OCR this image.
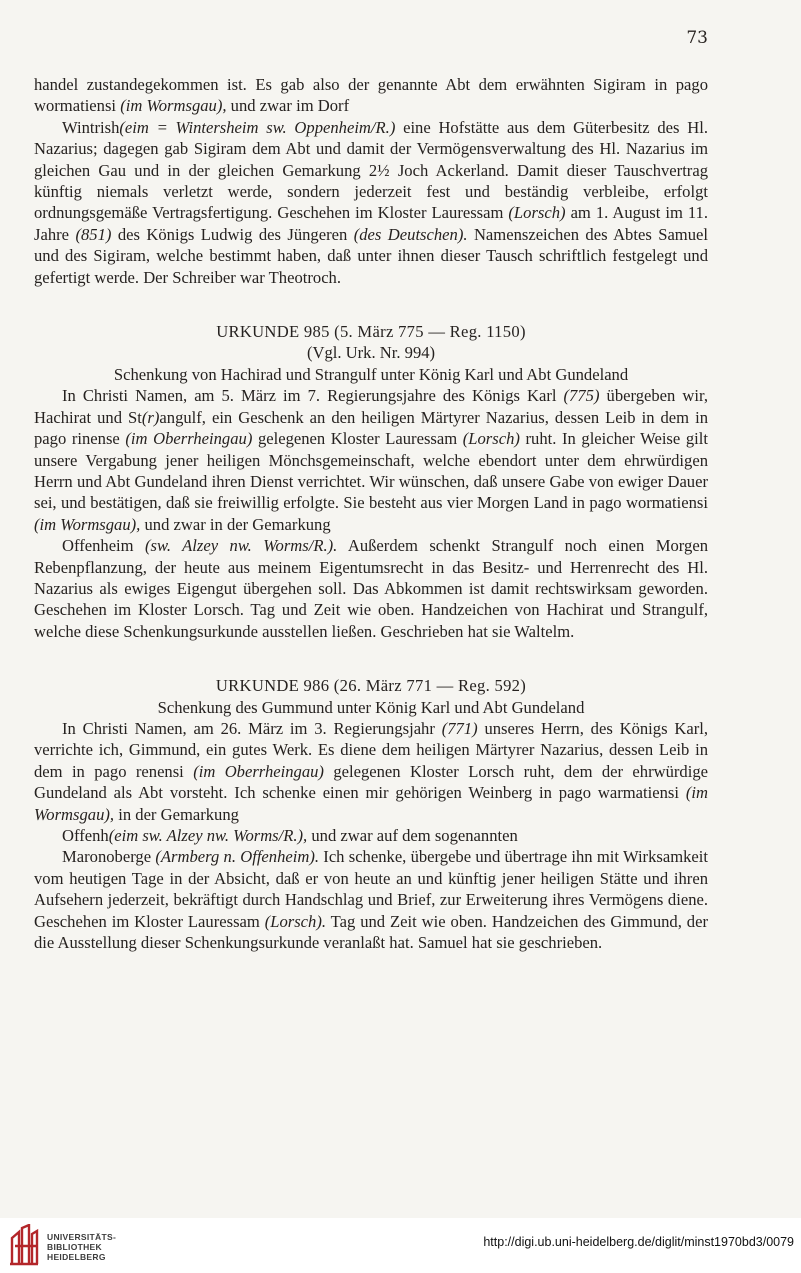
73

handel zustandegekommen ist. Es gab also der genannte Abt dem erwähnten Sigiram in pago wormatiensi (im Wormsgau), und zwar im Dorf

Wintrish(eim = Wintersheim sw. Oppenheim/R.) eine Hofstätte aus dem Güterbesitz des Hl. Nazarius; dagegen gab Sigiram dem Abt und damit der Vermögensverwaltung des Hl. Nazarius im gleichen Gau und in der gleichen Gemarkung 2½ Joch Ackerland. Damit dieser Tauschvertrag künftig niemals verletzt werde, sondern jederzeit fest und beständig verbleibe, erfolgt ordnungsgemäße Vertragsfertigung. Geschehen im Kloster Lauressam (Lorsch) am 1. August im 11. Jahre (851) des Königs Ludwig des Jüngeren (des Deutschen). Namenszeichen des Abtes Samuel und des Sigiram, welche bestimmt haben, daß unter ihnen dieser Tausch schriftlich festgelegt und gefertigt werde. Der Schreiber war Theotroch.

URKUNDE 985 (5. März 775 — Reg. 1150)

(Vgl. Urk. Nr. 994)

Schenkung von Hachirad und Strangulf unter König Karl und Abt Gundeland

In Christi Namen, am 5. März im 7. Regierungsjahre des Königs Karl (775) übergeben wir, Hachirat und St(r)angulf, ein Geschenk an den heiligen Märtyrer Nazarius, dessen Leib in dem in pago rinense (im Oberrheingau) gelegenen Kloster Lauressam (Lorsch) ruht. In gleicher Weise gilt unsere Vergabung jener heiligen Mönchsgemeinschaft, welche ebendort unter dem ehrwürdigen Herrn und Abt Gundeland ihren Dienst verrichtet. Wir wünschen, daß unsere Gabe von ewiger Dauer sei, und bestätigen, daß sie freiwillig erfolgte. Sie besteht aus vier Morgen Land in pago wormatiensi (im Wormsgau), und zwar in der Gemarkung

Offenheim (sw. Alzey nw. Worms/R.). Außerdem schenkt Strangulf noch einen Morgen Rebenpflanzung, der heute aus meinem Eigentumsrecht in das Besitz- und Herrenrecht des Hl. Nazarius als ewiges Eigengut übergehen soll. Das Abkommen ist damit rechtswirksam geworden. Geschehen im Kloster Lorsch. Tag und Zeit wie oben. Handzeichen von Hachirat und Strangulf, welche diese Schenkungsurkunde ausstellen ließen. Geschrieben hat sie Waltelm.

URKUNDE 986 (26. März 771 — Reg. 592)

Schenkung des Gummund unter König Karl und Abt Gundeland

In Christi Namen, am 26. März im 3. Regierungsjahr (771) unseres Herrn, des Königs Karl, verrichte ich, Gimmund, ein gutes Werk. Es diene dem heiligen Märtyrer Nazarius, dessen Leib in dem in pago renensi (im Oberrheingau) gelegenen Kloster Lorsch ruht, dem der ehrwürdige Gundeland als Abt vorsteht. Ich schenke einen mir gehörigen Weinberg in pago warmatiensi (im Wormsgau), in der Gemarkung

Offenh(eim sw. Alzey nw. Worms/R.), und zwar auf dem sogenannten

Maronoberge (Armberg n. Offenheim). Ich schenke, übergebe und übertrage ihn mit Wirksamkeit vom heutigen Tage in der Absicht, daß er von heute an und künftig jener heiligen Stätte und ihren Aufsehern jederzeit, bekräftigt durch Handschlag und Brief, zur Erweiterung ihres Vermögens diene. Geschehen im Kloster Lauressam (Lorsch). Tag und Zeit wie oben. Handzeichen des Gimmund, der die Ausstellung dieser Schenkungsurkunde veranlaßt hat. Samuel hat sie geschrieben.

UNIVERSITÄTS-
BIBLIOTHEK
HEIDELBERG
http://digi.ub.uni-heidelberg.de/diglit/minst1970bd3/0079
